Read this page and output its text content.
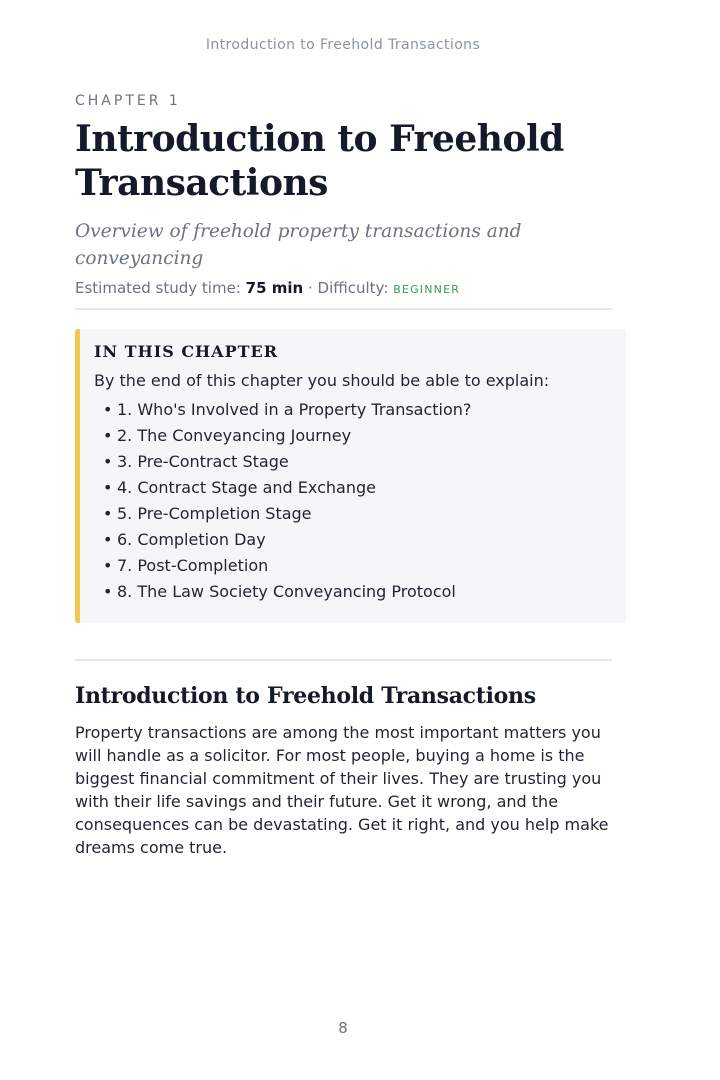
Introduction to Freehold Transactions
CHAPTER 1
Introduction to Freehold Transactions
Overview of freehold property transactions and conveyancing
Estimated study time: 75 min · Difficulty: BEGINNER
IN THIS CHAPTER
By the end of this chapter you should be able to explain:
• 1. Who's Involved in a Property Transaction?
• 2. The Conveyancing Journey
• 3. Pre-Contract Stage
• 4. Contract Stage and Exchange
• 5. Pre-Completion Stage
• 6. Completion Day
• 7. Post-Completion
• 8. The Law Society Conveyancing Protocol
Introduction to Freehold Transactions

Property transactions are among the most important matters you will handle as a solicitor. For most people, buying a home is the biggest financial commitment of their lives. They are trusting you with their life savings and their future. Get it wrong, and the consequences can be devastating. Get it right, and you help make dreams come true.

8
